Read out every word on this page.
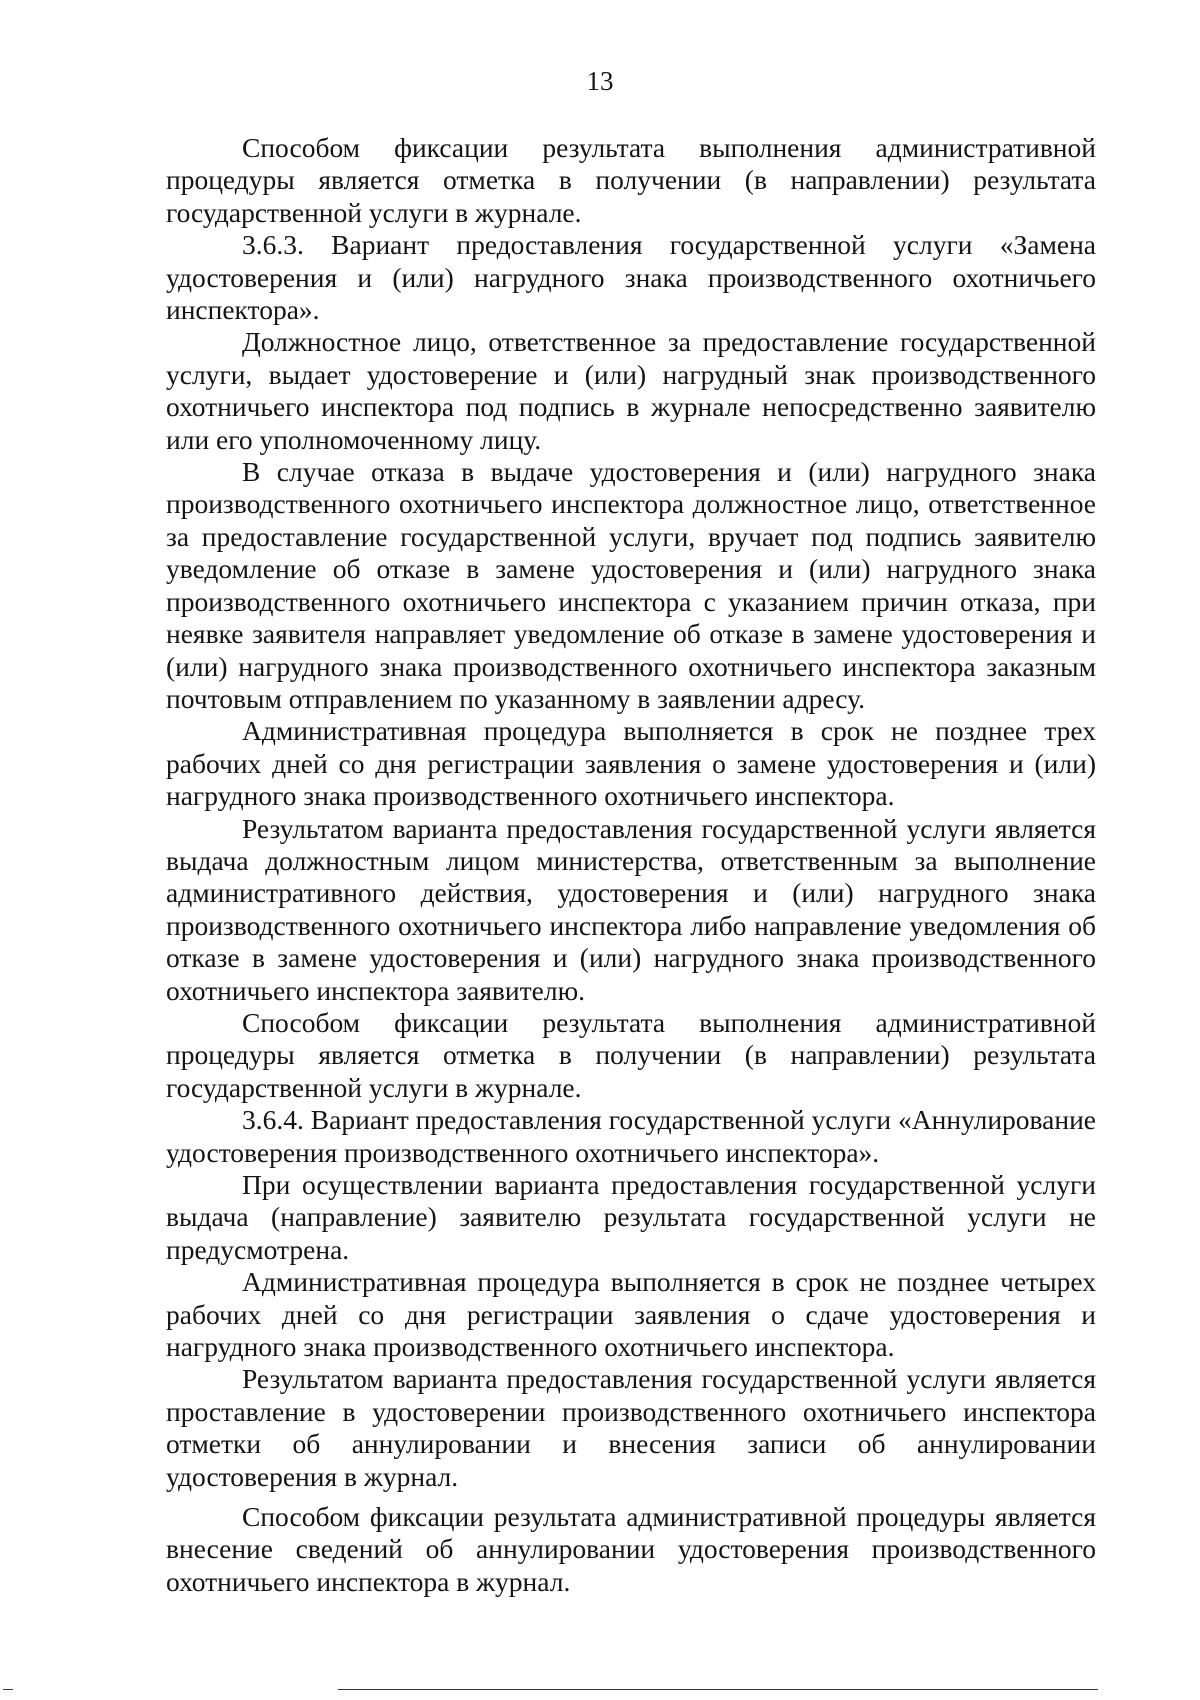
13

Способом фиксации результата выполнения административной процедуры является отметка в получении (в направлении) результата государственной услуги в журнале.

3.6.3. Вариант предоставления государственной услуги «Замена удостоверения и (или) нагрудного знака производственного охотничьего инспектора».

Должностное лицо, ответственное за предоставление государственной услуги, выдает удостоверение и (или) нагрудный знак производственного охотничьего инспектора под подпись в журнале непосредственно заявителю или его уполномоченному лицу.

В случае отказа в выдаче удостоверения и (или) нагрудного знака производственного охотничьего инспектора должностное лицо, ответственное за предоставление государственной услуги, вручает под подпись заявителю уведомление об отказе в замене удостоверения и (или) нагрудного знака производственного охотничьего инспектора с указанием причин отказа, при неявке заявителя направляет уведомление об отказе в замене удостоверения и (или) нагрудного знака производственного охотничьего инспектора заказным почтовым отправлением по указанному в заявлении адресу.

Административная процедура выполняется в срок не позднее трех рабочих дней со дня регистрации заявления о замене удостоверения и (или) нагрудного знака производственного охотничьего инспектора.

Результатом варианта предоставления государственной услуги является выдача должностным лицом министерства, ответственным за выполнение административного действия, удостоверения и (или) нагрудного знака производственного охотничьего инспектора либо направление уведомления об отказе в замене удостоверения и (или) нагрудного знака производственного охотничьего инспектора заявителю.

Способом фиксации результата выполнения административной процедуры является отметка в получении (в направлении) результата государственной услуги в журнале.

3.6.4. Вариант предоставления государственной услуги «Аннулирование удостоверения производственного охотничьего инспектора».

При осуществлении варианта предоставления государственной услуги выдача (направление) заявителю результата государственной услуги не предусмотрена.

Административная процедура выполняется в срок не позднее четырех рабочих дней со дня регистрации заявления о сдаче удостоверения и нагрудного знака производственного охотничьего инспектора.

Результатом варианта предоставления государственной услуги является проставление в удостоверении производственного охотничьего инспектора отметки об аннулировании и внесения записи об аннулировании удостоверения в журнал.

Способом фиксации результата административной процедуры является внесение сведений об аннулировании удостоверения производственного охотничьего инспектора в журнал.
